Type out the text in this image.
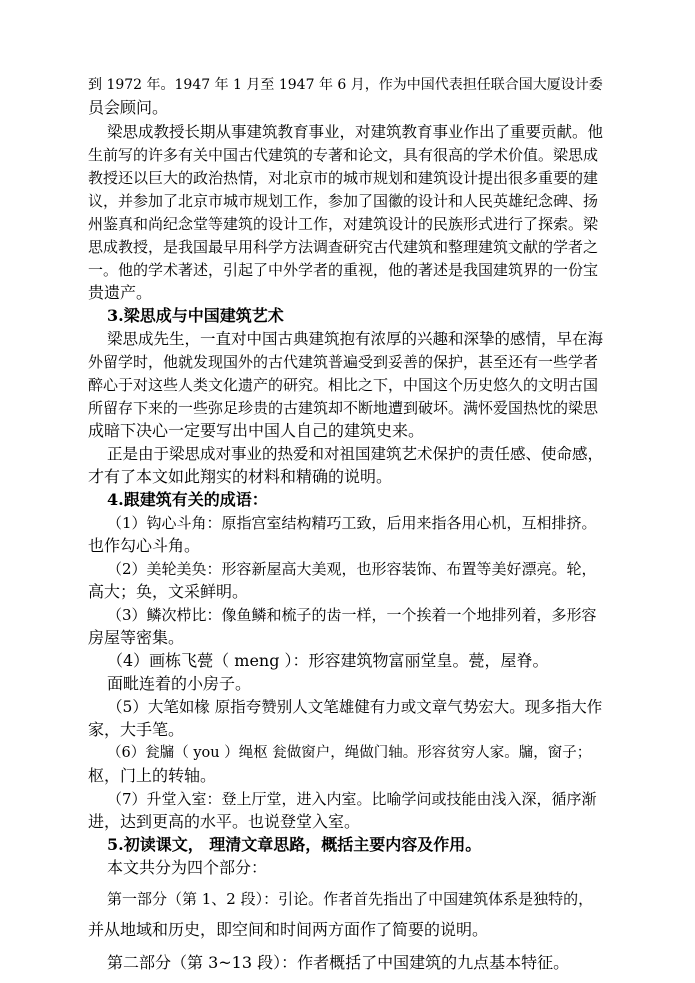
到 1972 年。1947 年 1 月至 1947 年 6 月，作为中国代表担任联合国大厦设计委
员会顾问。
梁思成教授长期从事建筑教育事业，对建筑教育事业作出了重要贡献。他
生前写的许多有关中国古代建筑的专著和论文，具有很高的学术价值。梁思成
教授还以巨大的政治热情，对北京市的城市规划和建筑设计提出很多重要的建
议，并参加了北京市城市规划工作，参加了国徽的设计和人民英雄纪念碑、扬
州鉴真和尚纪念堂等建筑的设计工作，对建筑设计的民族形式进行了探索。梁
思成教授，是我国最早用科学方法调查研究古代建筑和整理建筑文献的学者之
一。他的学术著述，引起了中外学者的重视，他的著述是我国建筑界的一份宝
贵遗产。
3.梁思成与中国建筑艺术
梁思成先生，一直对中国古典建筑抱有浓厚的兴趣和深挚的感情，早在海
外留学时，他就发现国外的古代建筑普遍受到妥善的保护，甚至还有一些学者
醉心于对这些人类文化遗产的研究。相比之下，中国这个历史悠久的文明古国
所留存下来的一些弥足珍贵的古建筑却不断地遭到破坏。满怀爱国热忱的梁思
成暗下决心一定要写出中国人自己的建筑史来。
正是由于梁思成对事业的热爱和对祖国建筑艺术保护的责任感、使命感，
才有了本文如此翔实的材料和精确的说明。
4.跟建筑有关的成语：
（1）钩心斗角：原指宫室结构精巧工致，后用来指各用心机，互相排挤。
也作勾心斗角。
（2）美轮美奂：形容新屋高大美观，也形容装饰、布置等美好漂亮。轮，
高大；奂，文采鲜明。
（3）鳞次栉比：像鱼鳞和梳子的齿一样，一个挨着一个地排列着，多形容
房屋等密集。
（4）画栋飞甍（ meng ）：形容建筑物富丽堂皇。甍，屋脊。
面毗连着的小房子。
（5）大笔如椽 原指夸赞别人文笔雄健有力或文章气势宏大。现多指大作
家，大手笔。
（6）瓮牖（ you ）绳枢 瓮做窗户，绳做门轴。形容贫穷人家。牖，窗子；
枢，门上的转轴。
（7）升堂入室：登上厅堂，进入内室。比喻学问或技能由浅入深，循序渐
进，达到更高的水平。也说登堂入室。
5.初读课文， 理清文章思路，概括主要内容及作用。
本文共分为四个部分：
第一部分（第 1、2 段）：引论。作者首先指出了中国建筑体系是独特的，
并从地域和历史，即空间和时间两方面作了简要的说明。
第二部分（第 3~13 段）：作者概括了中国建筑的九点基本特征。
